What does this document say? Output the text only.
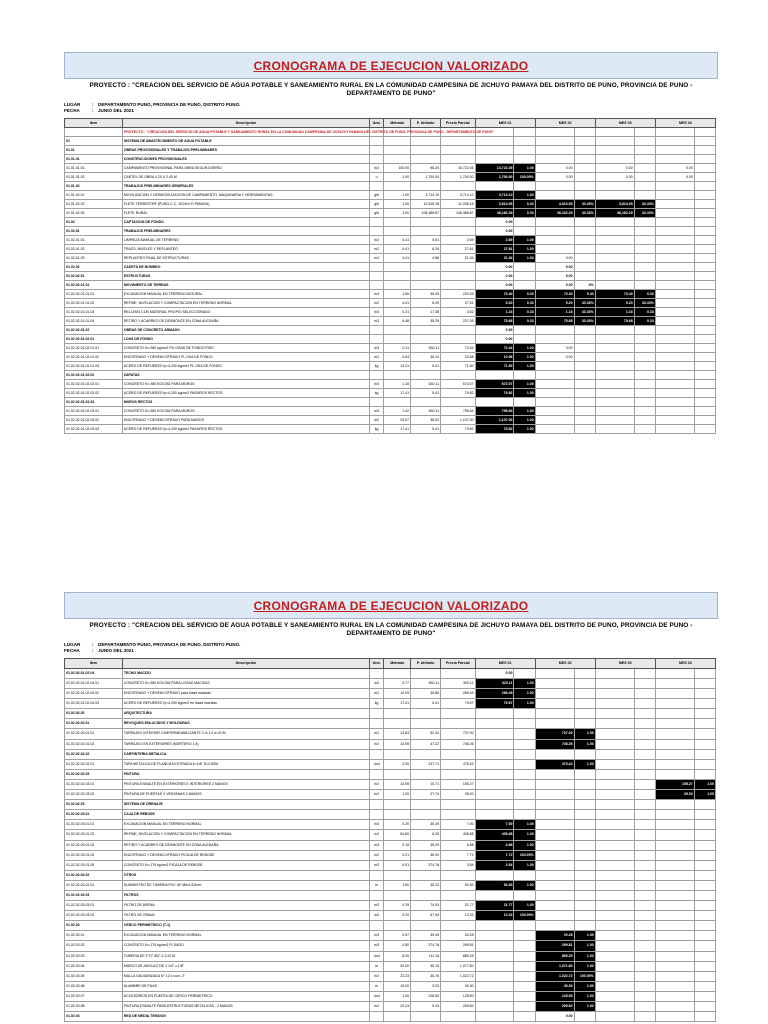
CRONOGRAMA DE EJECUCION VALORIZADO
PROYECTO : "CREACION DEL SERVICIO DE AGUA POTABLE Y SANEAMIENTO RURAL EN LA COMUNIDAD CAMPESINA DE JICHUYO PAMAYA DEL DISTRITO DE PUNO, PROVINCIA DE PUNO -
DEPARTAMENTO DE PUNO"
LUGAR	: DEPARTAMENTO PUNO, PROVINCIA DE PUNO, DISTRITO PUNO.
FECHA	: JUNIO DEL 2021
Item	Descripción	Und.	Metrado	P. Unitario	Precio Parcial	MES 01		MES 02		MES 03		MES 04	
	PROYECTO : "CREACION DEL SERVICIO DE AGUA POTABLE Y SANEAMIENTO RURAL EN LA COMUNIDAD CAMPESINA DE JICHUYO PAMAYA DEL DISTRITO DE PUNO, PROVINCIA DE PUNO - DEPARTAMENTO DE PUNO"												
01	SISTEMA DE ABASTECIMIENTO DE AGUA POTABLE												
01.01	OBRAS PROVISIONALES Y TRABAJOS PRELIMINARES												
01.01.01	CONSTRUCCIONES PROVISIONALES												
01.01.01.01	CAMPAMENTO PROVISIONAL PARA OBRA SEGUN DISEÑO	m2	100.00	96.20	16,722.45	14,722.45	1.00	0.00		0.00		0.00	
01.01.01.02	CARTEL DE OBRA 4.20 X 2.40 M	u	1.00	1,700.00	1,700.00	1,700.00	100.00%	0.00		0.00		0.00	
01.01.02	TRABAJOS PRELIMINARES GENERALES												
01.01.02.01	MOVILIZACION Y DESMOVILIZACION DE CAMPAMENTO, MAQUINARIA Y HERRAMIENTAS	glb	1.00	3,714.10	3,714.10	3,714.10	1.00						
01.01.02.02	FLETE TERRESTRE (PUNO-C.C. JICHUYO PAMAYA)	glb	1.00	10,518.18	11,035.16	3,613.05	0.33	3,613.05	33.33%	3,613.05	33.33%		
01.01.02.03	FLETE RURAL	glb	1.00	108,486.87	108,486.87	36,162.29	0.33	36,162.29	33.33%	36,162.29	33.33%		
01.02	CAPTACION DE FONDO					0.00							
01.02.01	TRABAJOS PRELIMINARES					0.00							
01.02.01.01	LIMPIEZA MANUAL DE TERRENO	m2	4.41	0.61	2.69	2.69	1.00						
01.02.01.02	TRAZO, NIVELES Y REPLANTEO	m2	4.41	6.29	27.61	27.61	1.00						
01.02.01.03	REPLANTEO FINAL DE ESTRUCTURAS	m2	4.41	4.86	21.34	21.34	1.00	0.00					
01.02.02	CASETA DE BOMBEO					0.00		0.00					
01.02.02.01	ESTRUCTURAS					0.00		0.00					
01.02.02.01.01	MOVIMIENTO DE TIERRAS					0.00		0.00	0%				
01.02.02.01.01.01	EXCAVACION MANUAL EN TERRENO NATURAL	m3	1.56	36.49	220.39	73.40	0.33	73.40	0.33	73.40	0.33		
01.02.02.01.01.02	REFINE, NIVELACION Y COMPACTACION EN TERRENO NORMAL	m2	4.41	6.29	27.61	9.20	0.33	9.20	33.33%	9.20	33.33%		
01.02.02.01.01.03	RELLENO CON MATERIAL PROPIO SELECCIONADO	m3	0.21	17.38	3.52	1.16	0.33	1.16	33.33%	1.16	0.33		
01.02.02.01.01.04	RETIRO Y ACARREO DE DESMONTE EN ZONA ALEDAÑA	m3	6.48	35.29	227.05	75.68	0.33	75.68	33.33%	75.68	0.33		
01.02.02.01.02	OBRAS DE CONCRETO ARMADO					0.00							
01.02.02.01.02.01	LOSA DE FONDO					0.00							
01.02.02.01.02.01.01	CONCRETO f'c=280 kg/cm2 PIL OSAS DE FONDO PISO	m3	0.11	630.11	72.44	72.44	1.00	0.00					
01.02.02.01.02.01.02	ENCOFRADO Y DESENCOFRADO PL OSA DE FONDO	m2	0.63	36.12	22.68	12.96	1.00	0.00					
01.02.02.01.02.01.03	ACERO DE REFUERZO fy=4,200 kg/cm2 PL OSA DE FONDO	kg	13.21	5.41	71.50	71.50	1.00						
01.02.02.01.02.02	ZAPATAS												
01.02.02.01.02.02.01	CONCRETO f'c=280 KG/CM2 PARA MUROS	m3	1.16	630.11	672.07	672.07	1.00						
01.02.02.01.02.02.02	ACERO DE REFUERZO fy=4,200 kg/cm2 PASUROS RECTOS	kg	17.41	5.41	79.82	79.82	1.00						
01.02.02.01.02.03	MUROS RECTOS												
01.02.02.01.02.03.01	CONCRETO f'c=280 KG/CM2 PARA MUROS	m3	1.42	630.11	795.64	795.64	1.00						
01.02.02.01.02.03.02	ENCOFRADO Y DESENCOFRADO PARA MUROS	m2	29.97	38.42	1,137.00	1,137.00	1.00						
01.02.02.01.02.03.03	ACERO DE REFUERZO fy=4,200 kg/cm2 PASUROS RECTOS	kg	17.41	5.41	79.82	79.82	1.00						
CRONOGRAMA DE EJECUCION VALORIZADO
PROYECTO : "CREACION DEL SERVICIO DE AGUA POTABLE Y SANEAMIENTO RURAL EN LA COMUNIDAD CAMPESINA DE JICHUYO PAMAYA DEL DISTRITO DE PUNO, PROVINCIA DE PUNO -
DEPARTAMENTO DE PUNO"
LUGAR	: DEPARTAMENTO PUNO, PROVINCIA DE PUNO, DISTRITO PUNO.
FECHA	: JUNIO DEL 2021
Item	Descripción	Und.	Metrado	P. Unitario	Precio Parcial	MES 01		MES 02		MES 03		MES 04	
01.02.02.01.02.04	TECHO MACIZO					0.00							
01.02.02.01.02.04.01	CONCRETO f'c=280 KG/CM2 PARA LOSAS MACIZAS	m3	0.77	630.11	320.11	320.11	1.00						
01.02.02.01.02.04.02	ENCOFRADO Y DESENCOFRADO para losas macizas	m2	10.09	36.88	266.49	266.49	1.00						
01.02.02.01.02.04.03	ACERO DE REFUERZO fy=4,200 kg/cm2 en losas macizas	kg	17.41	5.41	79.67	79.67	1.00						
01.02.02.02	ARQUITECTURA												
01.02.02.02.01	REVOQUES ENLUCIDOS Y MOLDURAS												
01.02.02.02.01.01	TARRAJEO INTERIOR C/IMPERMEABILIZANTE C:A 1:3 e=2CM	m2	13.83	52.34	737.00			737.00	1.00				
01.02.02.02.01.02	TARRAJEO EN EXTERIORES (MORTERO 1:4)	m2	14.55	47.22	746.26			746.26	1.00				
01.02.02.02.02	CARPINTERIA METALICA												
01.02.02.02.02.01	TAPA METALICA DE PLANCHA ESTRIADA e=1/8" D=0.60M	und	2.00	237.71	475.42			475.42	1.00				
01.02.02.02.03	PINTURA												
01.02.02.02.03.01	PINTURA ESMALTE EN EXTERIORES E INTERIORES 2 MANOS	m2	14.55	10.71	155.27							155.27	1.00
01.02.02.02.03.02	PINTURA DE PUERTAS Y VENTANAS 2 MANOS	m2	1.26	27.74	35.00							35.00	1.00
01.02.02.03	SISTEMA DE DRENAJE												
01.02.02.03.01	CAJA DE REBOSE												
01.02.02.03.01.01	EXCAVACION MANUAL EN TERRENO NORMAL	m3	0.20	35.49	7.00	7.00	1.00						
01.02.02.03.01.02	REFINE, NIVELACION Y COMPACTACION EN TERRENO NORMAL	m2	64.50	6.29	405.68	405.68	1.00						
01.02.02.03.01.03	RETIRO Y ACARREO DE DESMONTE EN ZONA ALEDAÑA	m3	0.19	35.29	6.88	6.88	1.00						
01.02.02.03.01.04	ENCOFRADO Y DESENCOFRADO PICAJA DE REBOSE	m2	0.21	36.94	7.72	7.72	100.00%						
01.02.02.03.01.05	CONCRETO f'c=175 kg/cm2 PICAJA DE REBOSE	m3	0.01	374.76	3.54	3.54	1.00						
01.02.02.03.02	OTROS												
01.02.02.03.02.01	SUMINISTRO DE TUBERIA PVC UF Ø6x1/10mm	m	1.50	35.22	52.83	52.83	1.00						
01.02.02.03.03	FILTROS												
01.02.02.03.03.01	FILTRO DE ARENA	m3	0.29	74.93	21.77	21.77	1.00						
01.02.02.03.03.02	FILTRO DE GRAVA	m3	0.20	67.94	13.33	13.33	100.00%						
01.02.03	CERCO PERIMETRICO (T-1)												
01.02.03.01	EXCAVACION MANUAL EN TERRENO NORMAL	m3	0.57	35.49	20.28			20.28	1.00				
01.02.03.02	CONCRETO f'c=175 kg/cm2 P/ DADO	m3	0.80	374.76	299.81			299.81	1.00				
01.02.03.03	TUBERIA DE F°G° Ø2" X 2.20 M	und	8.00	111.16	889.29			889.29	1.00				
01.02.03.04	MARCO DE ANGULO DE 1 1/4" x 1/8"	m	32.00	35.10	1,077.60			1,071.60	1.00				
01.02.03.05	MALLA GALVANIZADA N° 12 x cocr. 2"	m2	22.23	36.76	1,022.72			1,022.72	100.00%				
01.02.03.06	ALAMBRE DE PUAS	m	10.00	3.03	30.30			30.30	1.00				
01.02.03.07	ACCESORIOS EN PUERTA DE CERCO PERIMETRICO	und	1.00	128.50	128.50			128.50	1.00				
01.02.03.08	PINTURA ESMALTE PARA ESTRUCTURAS METALICAS - 2 MANOS	m2	22.23	9.44	209.82			209.82	1.00				
01.02.04	RED DE MEDIA TENSION							0.00					
